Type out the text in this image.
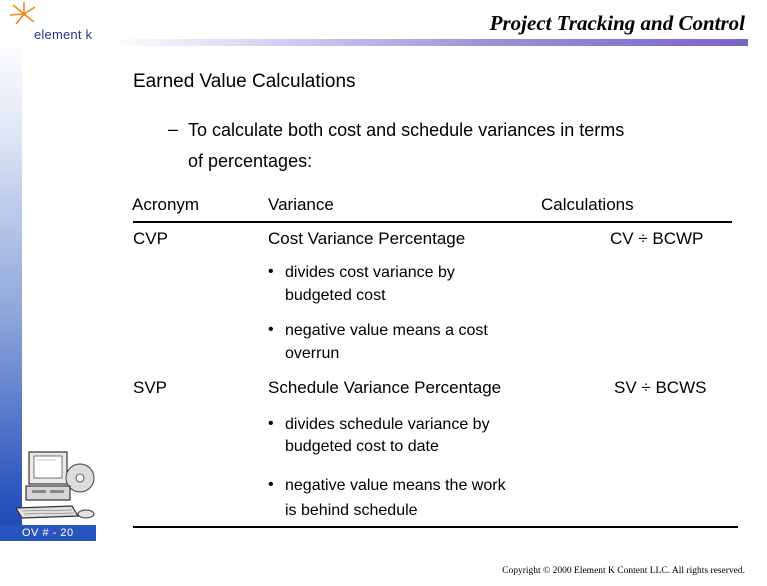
element k	Project Tracking and Control
Earned Value Calculations
– To calculate both cost and schedule variances in terms
of percentages:
Acronym	Variance	Calculations
CVP	Cost Variance Percentage	CV ÷ BCWP
• divides cost variance by
budgeted cost
• negative value means a cost
overrun
SVP	Schedule Variance Percentage	SV ÷ BCWS
• divides schedule variance by
budgeted cost to date
• negative value means the work
is behind schedule
OV # - 20
Copyright © 2000 Element K Content LLC. All rights reserved.
